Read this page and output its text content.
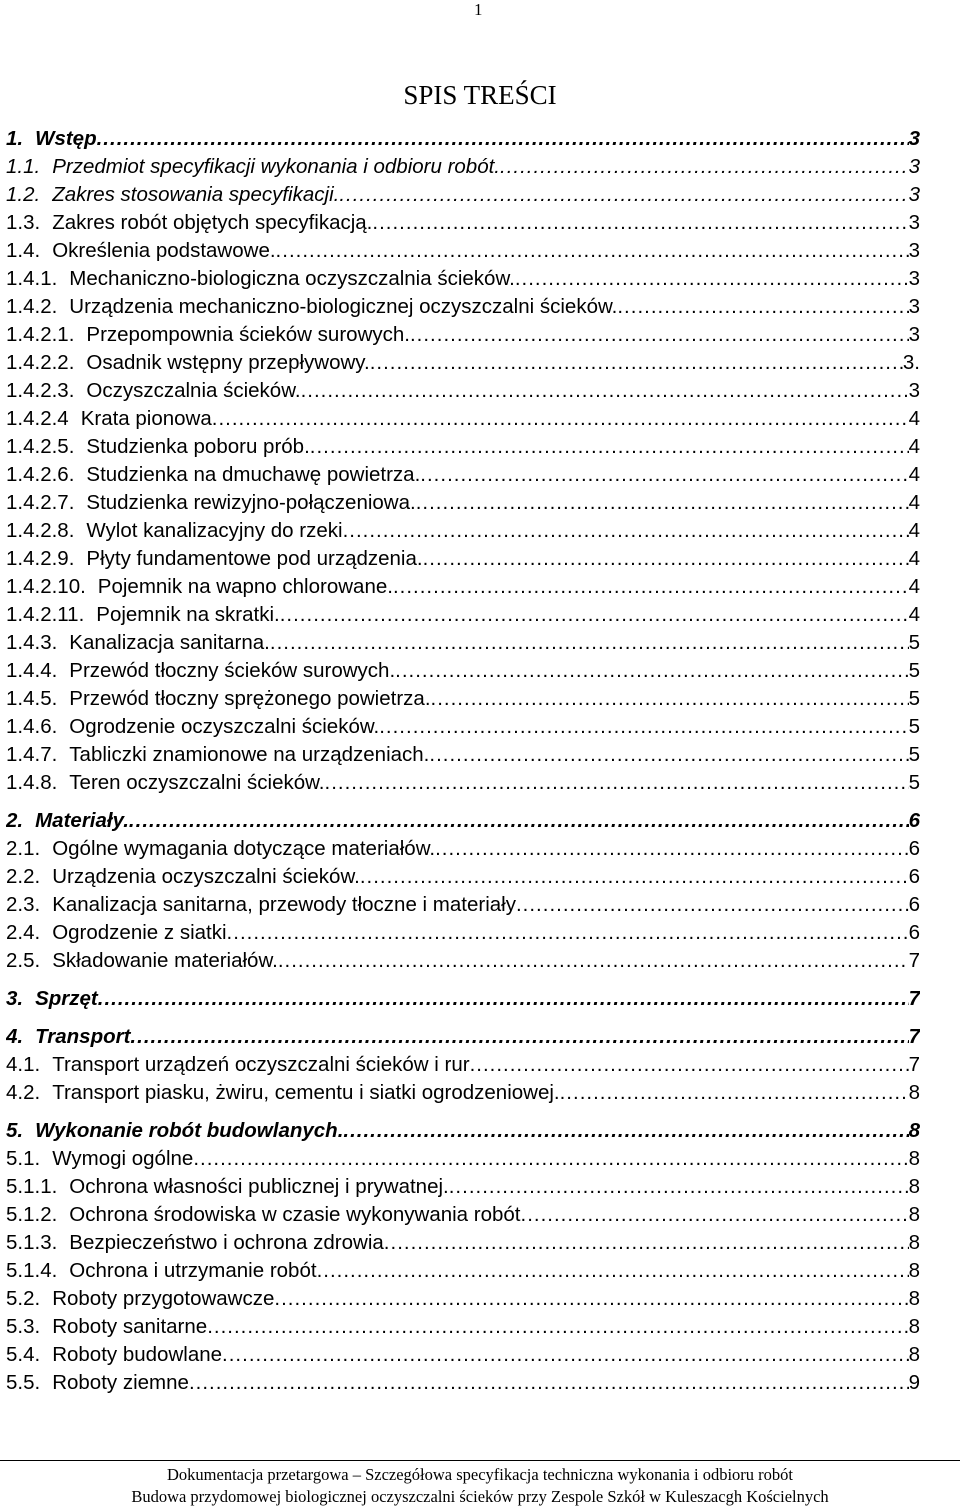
1
SPIS TREŚCI
1. Wstęp .....	3
1.1. Przedmiot specyfikacji wykonania i odbioru robót. .....	3
1.2. Zakres stosowania specyfikacji. .....	3
1.3. Zakres robót objętych specyfikacją. .....	3
1.4. Określenia podstawowe. .....	3
1.4.1. Mechaniczno-biologiczna oczyszczalnia ścieków. .....	3
1.4.2. Urządzenia mechaniczno-biologicznej oczyszczalni ścieków. .....	3
1.4.2.1. Przepompownia ścieków surowych. .....	3
1.4.2.2. Osadnik wstępny przepływowy. .....	3.
1.4.2.3. Oczyszczalnia ścieków. .....	3
1.4.2.4 Krata pionowa .....	4
1.4.2.5. Studzienka poboru prób. .....	4
1.4.2.6. Studzienka na dmuchawę powietrza. .....	4
1.4.2.7. Studzienka rewizyjno-połączeniowa. .....	4
1.4.2.8. Wylot kanalizacyjny do rzeki .....	4
1.4.2.9. Płyty fundamentowe pod urządzenia. .....	4
1.4.2.10. Pojemnik na wapno chlorowane. .....	4
1.4.2.11. Pojemnik na skratki. .....	4
1.4.3. Kanalizacja sanitarna. .....	5
1.4.4. Przewód tłoczny ścieków surowych. .....	5
1.4.5. Przewód tłoczny sprężonego powietrza. .....	5
1.4.6. Ogrodzenie oczyszczalni ścieków. .....	5
1.4.7. Tabliczki znamionowe na urządzeniach. .....	5
1.4.8. Teren oczyszczalni ścieków. .....	5
2. Materiały. .....	6
2.1. Ogólne wymagania dotyczące materiałów. .....	6
2.2. Urządzenia oczyszczalni ścieków. .....	6
2.3. Kanalizacja sanitarna, przewody tłoczne i materiały .....	6
2.4. Ogrodzenie z siatki .....	6
2.5. Składowanie materiałów. .....	7
3. Sprzęt .....	7
4. Transport .....	7
4.1. Transport urządzeń oczyszczalni ścieków i rur .....	7
4.2. Transport piasku, żwiru, cementu i siatki ogrodzeniowej. .....	8
5. Wykonanie robót budowlanych. .....	8
5.1. Wymogi ogólne .....	8
5.1.1. Ochrona własności publicznej i prywatnej. .....	8
5.1.2. Ochrona środowiska w czasie wykonywania robót .....	8
5.1.3. Bezpieczeństwo i ochrona zdrowia .....	8
5.1.4. Ochrona i utrzymanie robót .....	8
5.2. Roboty przygotowawcze .....	8
5.3. Roboty sanitarne .....	8
5.4. Roboty budowlane .....	8
5.5. Roboty ziemne .....	9
Dokumentacja przetargowa – Szczegółowa specyfikacja techniczna wykonania i odbioru robót
Budowa przydomowej biologicznej oczyszczalni ścieków przy Zespole Szkół w Kuleszacgh Kościelnych
